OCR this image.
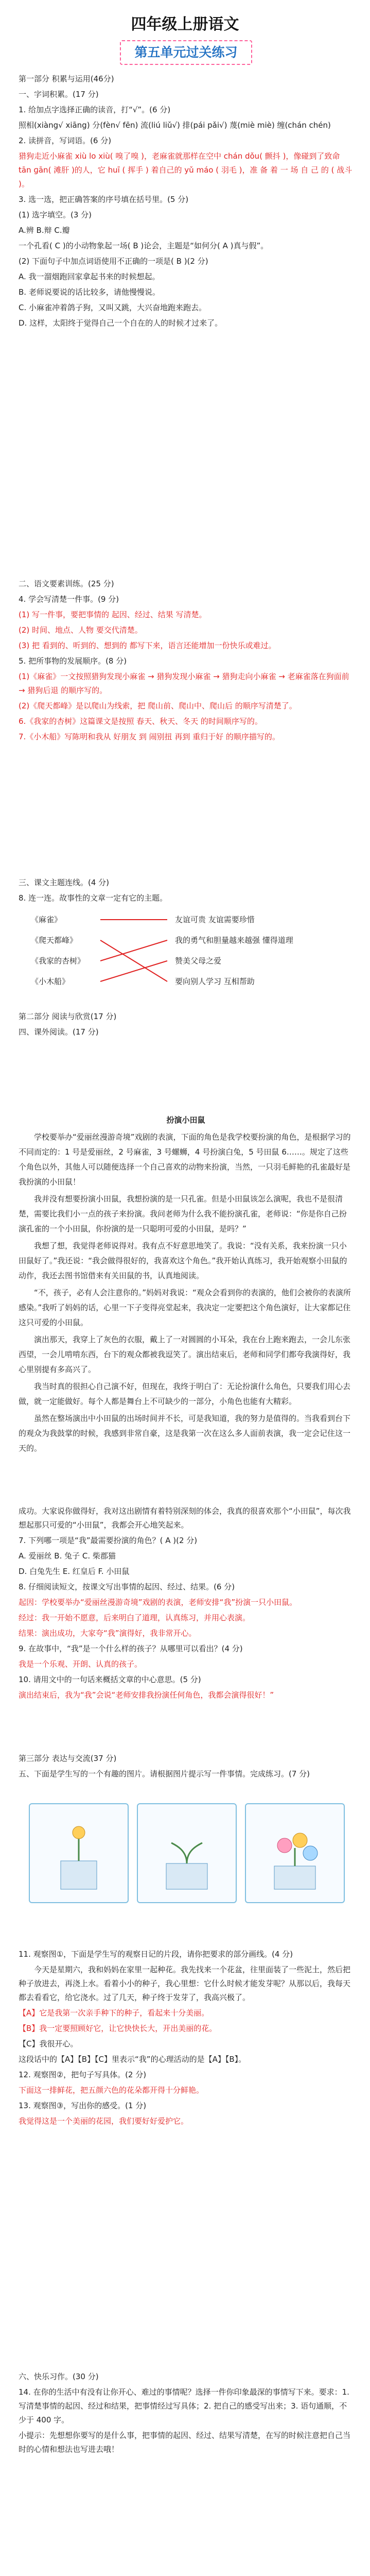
四年级上册语文
第五单元过关练习

第一部分 积累与运用(46分)

一、字词积累。(17 分)

1. 给加点字选择正确的读音，打“√”。(6 分)

照相(xiàng√ xiāng) 分(fèn√ fēn) 流(liú liǔ√) 排(pái pǎi√) 蔑(miè miè) 缠(chán chén)

2. 读拼音，写词语。(6 分)

猎狗走近小麻雀 xiù lo xiù( 嗅了嗅 )，老麻雀就那样在空中 chán dǒu( 颤抖 )，像碰到了致命 tān ɡān( 滩肝 )的人，它 huī ( 挥手 ) 着自己的 yǔ máo ( 羽毛 )，准 备 着 一 场 自 己 的 ( 战斗 )。

3. 选一选，把正确答案的序号填在括号里。(5 分)

(1) 选字填空。(3 分)

A.辨 B.辩 C.瓣

一个孔看( C )的小动物象起一场( B )论会，主题是“如何分( A )真与假”。

(2) 下面句子中加点词语使用不正确的一项是( B )(2 分)

A. 我一溜烟跑回家拿起书来的时候想起。

B. 老师说要说的话比较多，请他慢慢说。

C. 小麻雀冲着鸽子狗，又叫又跳，大兴奋地跑来跑去。

D. 这样，太阳终于觉得自己一个自在的人的时候才过来了。

二、语文要素训练。(25 分)

4. 学会写清楚一件事。(9 分)

(1) 写一件事，要把事情的 起因、经过、结果 写清楚。

(2) 时间、地点、人物 要交代清楚。

(3) 把 看到的、听到的、想到的 都写下来，语言还能增加一份快乐或难过。

5. 把所事物的发展顺序。(8 分)

(1)《麻雀》一文按照猎狗发现小麻雀 → 猎狗发现小麻雀 → 猎狗走向小麻雀 → 老麻雀落在狗面前 → 猎狗后退 的顺序写的。

(2)《爬天都峰》是以爬山为线索，把 爬山前、爬山中、爬山后 的顺序写清楚了。

6.《我家的杏树》这篇课文是按照 春天、秋天、冬天 的时间顺序写的。

7.《小木船》写陈明和我从 好朋友 到 闹别扭 再到 重归于好 的顺序描写的。

三、课文主题连线。(4 分)

8. 连一连。故事性的文章一定有它的主题。

《麻雀》
《爬天都峰》
《我家的杏树》
《小木船》
友谊可贵 友谊需要珍惜
我的勇气和胆量越来越强 懂得道理
赞美父母之爱
要向别人学习 互相帮助

第二部分 阅读与欣赏(17 分)

四、课外阅读。(17 分)

扮演小田鼠

学校要举办“爱丽丝漫游奇境”戏剧的表演，下面的角色是我学校要扮演的角色，是根据学习的不同而定的：1 号是爱丽丝，2 号麻雀，3 号螺蛳，4 号扮演白兔，5 号田鼠 6……。规定了这些个角色以外，其他人可以随便选择一个自己喜欢的动物来扮演，当然，一只羽毛鲜艳的孔雀最好是我扮演的小田鼠！

我并没有想要扮演小田鼠，我想扮演的是一只孔雀。但是小田鼠该怎么演呢，我也不是很清楚，需要比我们小一点的孩子来扮演。我问老师为什么我不能扮演孔雀，老师说：“你是你自己扮演孔雀的一个小田鼠，你扮演的是一只聪明可爱的小田鼠，是吗？”

我想了想，我觉得老师说得对。我有点不好意思地笑了。我说：“没有关系，我来扮演一只小田鼠好了。”我还说：“我会做得很好的，我喜欢这个角色。”我开始认真练习，我开始观察小田鼠的动作，我还去图书馆借来有关田鼠的书，认真地阅读。

“不，孩子，必有人会注意你的。”妈妈对我说：“观众会看到你的表演的，他们会被你的表演所感染。”我听了妈妈的话，心里一下子变得亮堂起来，我决定一定要把这个角色演好，让大家都记住这只可爱的小田鼠。

演出那天，我穿上了灰色的衣服，戴上了一对圆圆的小耳朵，我在台上跑来跑去，一会儿东张西望，一会儿啃啃东西，台下的观众都被我逗笑了。演出结束后，老师和同学们都夸我演得好，我心里别提有多高兴了。

我当时真的很担心自己演不好，但现在，我终于明白了：无论扮演什么角色，只要我们用心去做，就一定能做好。每个人都是舞台上不可缺少的一部分，小角色也能有大精彩。

虽然在整场演出中小田鼠的出场时间并不长，可是我知道，我的努力是值得的。当我看到台下的观众为我鼓掌的时候，我感到非常自豪，这是我第一次在这么多人面前表演，我一定会记住这一天的。

成功。大家说你做得好，我对这出剧情有着特别深刻的体会，我真的很喜欢那个“小田鼠”，每次我想起那只可爱的“小田鼠”，我都会开心地笑起来。

7. 下列哪一项是“我”最需要扮演的角色？( A )(2 分)

A. 爱丽丝 B. 兔子 C. 柴郡猫

D. 白兔先生 E. 红皇后 F. 小田鼠

8. 仔细阅读短文，按课文写出事情的起因、经过、结果。(6 分)

起因：学校要举办“爱丽丝漫游奇境”戏剧的表演，老师安排“我”扮演一只小田鼠。

经过：我一开始不愿意，后来明白了道理，认真练习，并用心表演。

结果：演出成功，大家夸“我”演得好，我非常开心。

9. 在故事中，“我”是一个什么样的孩子？从哪里可以看出？(4 分)

我是一个乐观、开朗、认真的孩子。

10. 请用文中的一句话来概括文章的中心意思。(5 分)

演出结束后，我为“我”会说“老师安排我扮演任何角色，我都会演得很好！”

第三部分 表达与交流(37 分)

五、下面是学生写的一个有趣的图片。请根据图片提示写一件事情。完成练习。(7 分)

11. 观察图①，下面是学生写的观察日记的片段，请你把要求的部分画线。(4 分)

今天是星期六，我和妈妈在家里一起种花。我先找来一个花盆，往里面装了一些泥土，然后把种子放进去，再浇上水。看着小小的种子，我心里想：它什么时候才能发芽呢？从那以后，我每天都去看看它，给它浇水。过了几天，种子终于发芽了，我高兴极了。

【A】它是我第一次亲手种下的种子，看起来十分美丽。

【B】我一定要照顾好它，让它快快长大，开出美丽的花。

【C】我很开心。

这段话中的【A】【B】【C】里表示“我”的心理活动的是【A】【B】。

12. 观察图②，把句子写具体。(2 分)

下面这一排鲜花，把五颜六色的花朵都开得十分鲜艳。

13. 观察图③，写出你的感受。(1 分)

我觉得这是一个美丽的花园，我们要好好爱护它。

六、快乐习作。(30 分)

14. 在你的生活中有没有让你开心、难过的事情呢？选择一件你印象最深的事情写下来。要求：1. 写清楚事情的起因、经过和结果，把事情经过写具体；2. 把自己的感受写出来；3. 语句通顺，不少于 400 字。

小提示：先想想你要写的是什么事，把事情的起因、经过、结果写清楚，在写的时候注意把自己当时的心情和想法也写进去哦！
